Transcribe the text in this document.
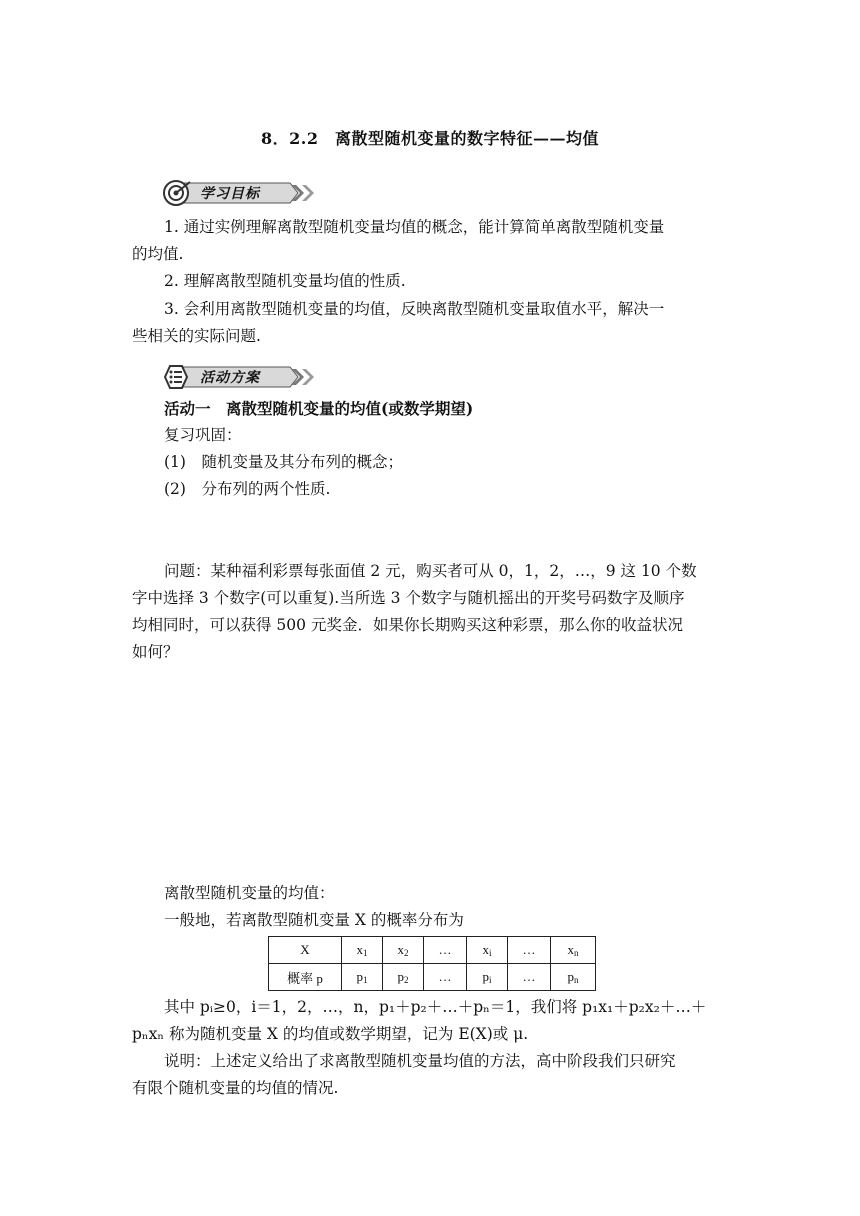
8．2.2　离散型随机变量的数字特征——均值
学习目标
1. 通过实例理解离散型随机变量均值的概念，能计算简单离散型随机变量
的均值.
2. 理解离散型随机变量均值的性质.
3. 会利用离散型随机变量的均值，反映离散型随机变量取值水平，解决一
些相关的实际问题.
活动方案
活动一　离散型随机变量的均值(或数学期望)
复习巩固：
(1)　随机变量及其分布列的概念；
(2)　分布列的两个性质.
问题：某种福利彩票每张面值 2 元，购买者可从 0，1，2，…，9 这 10 个数
字中选择 3 个数字(可以重复).当所选 3 个数字与随机摇出的开奖号码数字及顺序
均相同时，可以获得 500 元奖金．如果你长期购买这种彩票，那么你的收益状况
如何？
离散型随机变量的均值：
一般地，若离散型随机变量 X 的概率分布为
X	$x_1$	$x_2$	…	$x_i$	…	$x_n$
概率 p	$p_1$	$p_2$	…	$p_i$	…	$p_n$
其中 pᵢ≥0，i＝1，2，…，n，p₁＋p₂＋…＋pₙ＝1，我们将 p₁x₁＋p₂x₂＋…＋
pₙxₙ 称为随机变量 X 的均值或数学期望，记为 E(X)或 μ.
说明：上述定义给出了求离散型随机变量均值的方法，高中阶段我们只研究
有限个随机变量的均值的情况.
